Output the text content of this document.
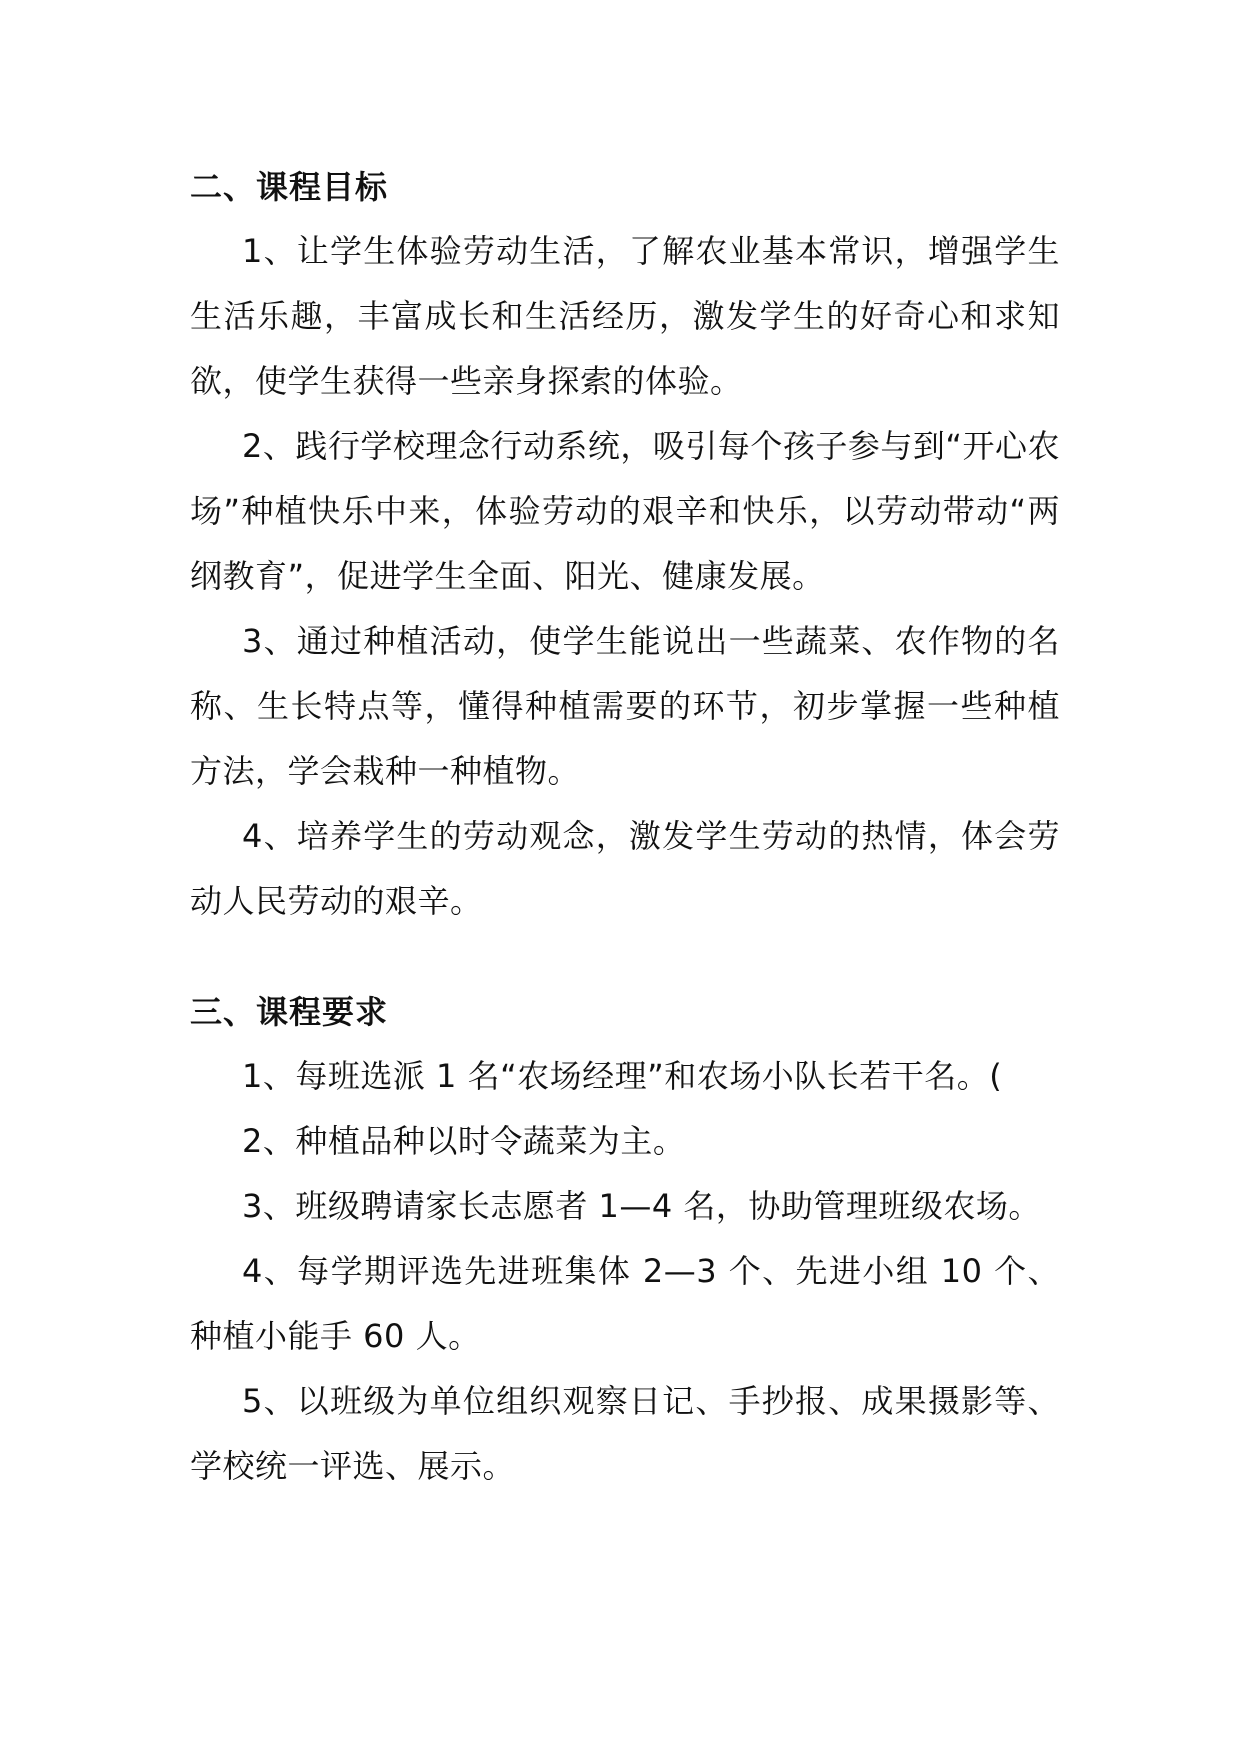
二、课程目标

1、让学生体验劳动生活，了解农业基本常识，增强学生生活乐趣，丰富成长和生活经历，激发学生的好奇心和求知欲，使学生获得一些亲身探索的体验。

2、践行学校理念行动系统，吸引每个孩子参与到“开心农场”种植快乐中来，体验劳动的艰辛和快乐，以劳动带动“两纲教育”，促进学生全面、阳光、健康发展。

3、通过种植活动，使学生能说出一些蔬菜、农作物的名称、生长特点等，懂得种植需要的环节，初步掌握一些种植方法，学会栽种一种植物。

4、培养学生的劳动观念，激发学生劳动的热情，体会劳动人民劳动的艰辛。

三、课程要求

1、每班选派 1 名“农场经理”和农场小队长若干名。(

2、种植品种以时令蔬菜为主。

3、班级聘请家长志愿者 1—4 名，协助管理班级农场。

4、每学期评选先进班集体 2—3 个、先进小组 10 个、种植小能手 60 人。

5、以班级为单位组织观察日记、手抄报、成果摄影等、学校统一评选、展示。
